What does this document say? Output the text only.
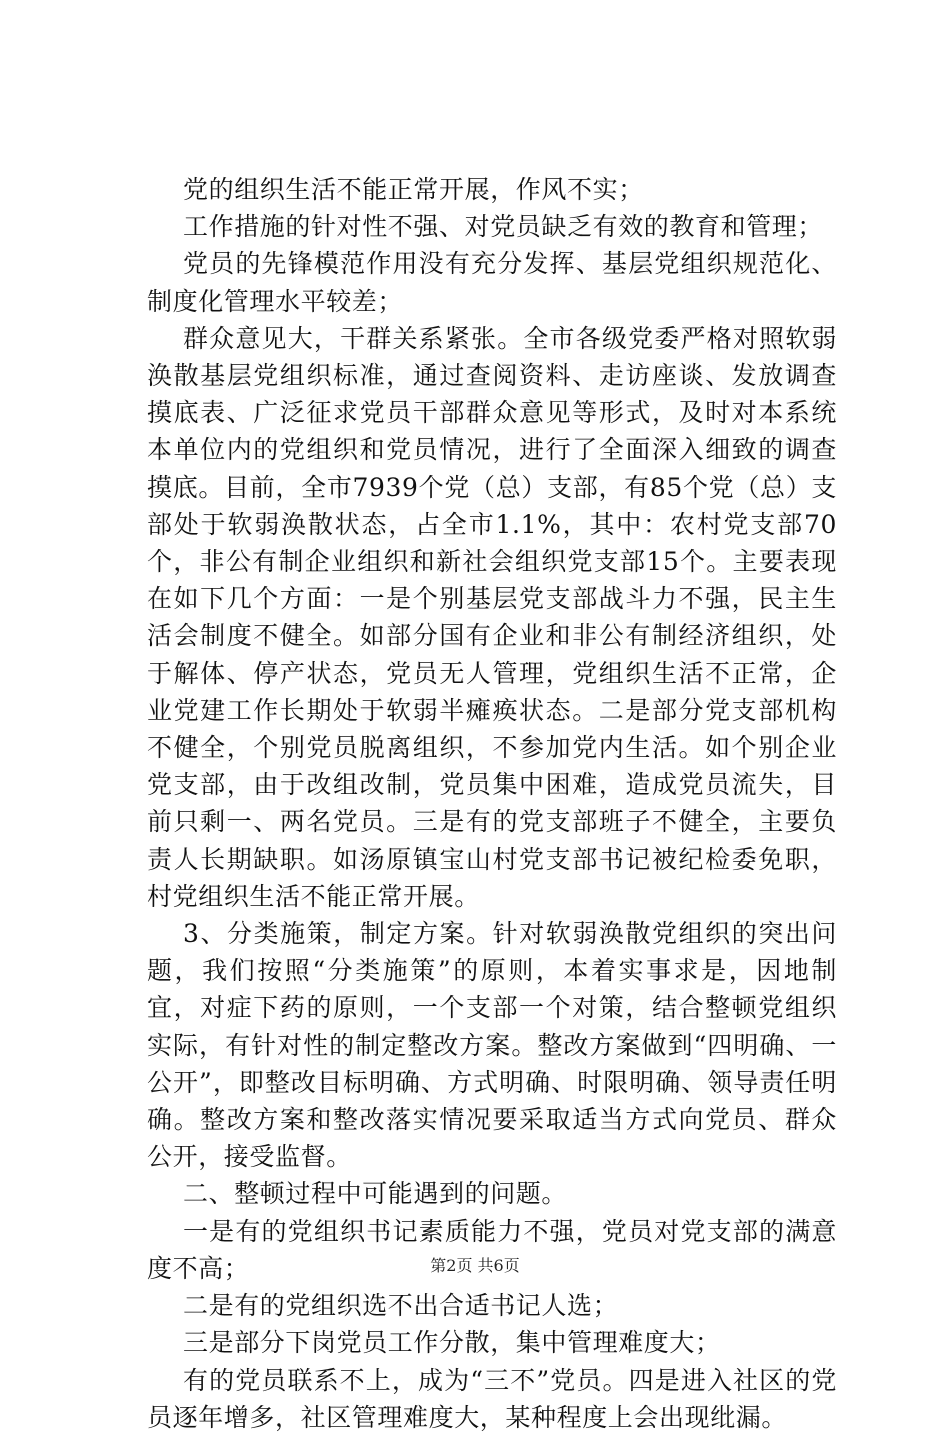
党的组织生活不能正常开展，作风不实；

工作措施的针对性不强、对党员缺乏有效的教育和管理；

党员的先锋模范作用没有充分发挥、基层党组织规范化、制度化管理水平较差；

群众意见大，干群关系紧张。全市各级党委严格对照软弱涣散基层党组织标准，通过查阅资料、走访座谈、发放调查摸底表、广泛征求党员干部群众意见等形式，及时对本系统本单位内的党组织和党员情况，进行了全面深入细致的调查摸底。目前，全市7939个党（总）支部，有85个党（总）支部处于软弱涣散状态，占全市1.1%，其中：农村党支部70个，非公有制企业组织和新社会组织党支部15个。主要表现在如下几个方面：一是个别基层党支部战斗力不强，民主生活会制度不健全。如部分国有企业和非公有制经济组织，处于解体、停产状态，党员无人管理，党组织生活不正常，企业党建工作长期处于软弱半瘫痪状态。二是部分党支部机构不健全，个别党员脱离组织，不参加党内生活。如个别企业党支部，由于改组改制，党员集中困难，造成党员流失，目前只剩一、两名党员。三是有的党支部班子不健全，主要负责人长期缺职。如汤原镇宝山村党支部书记被纪检委免职，村党组织生活不能正常开展。

3、分类施策，制定方案。针对软弱涣散党组织的突出问题，我们按照“分类施策”的原则，本着实事求是，因地制宜，对症下药的原则，一个支部一个对策，结合整顿党组织实际，有针对性的制定整改方案。整改方案做到“四明确、一公开”，即整改目标明确、方式明确、时限明确、领导责任明确。整改方案和整改落实情况要采取适当方式向党员、群众公开，接受监督。

二、整顿过程中可能遇到的问题。

一是有的党组织书记素质能力不强，党员对党支部的满意度不高；

二是有的党组织选不出合适书记人选；

三是部分下岗党员工作分散，集中管理难度大；

有的党员联系不上，成为“三不”党员。四是进入社区的党员逐年增多，社区管理难度大，某种程度上会出现纰漏。

第2页 共6页
